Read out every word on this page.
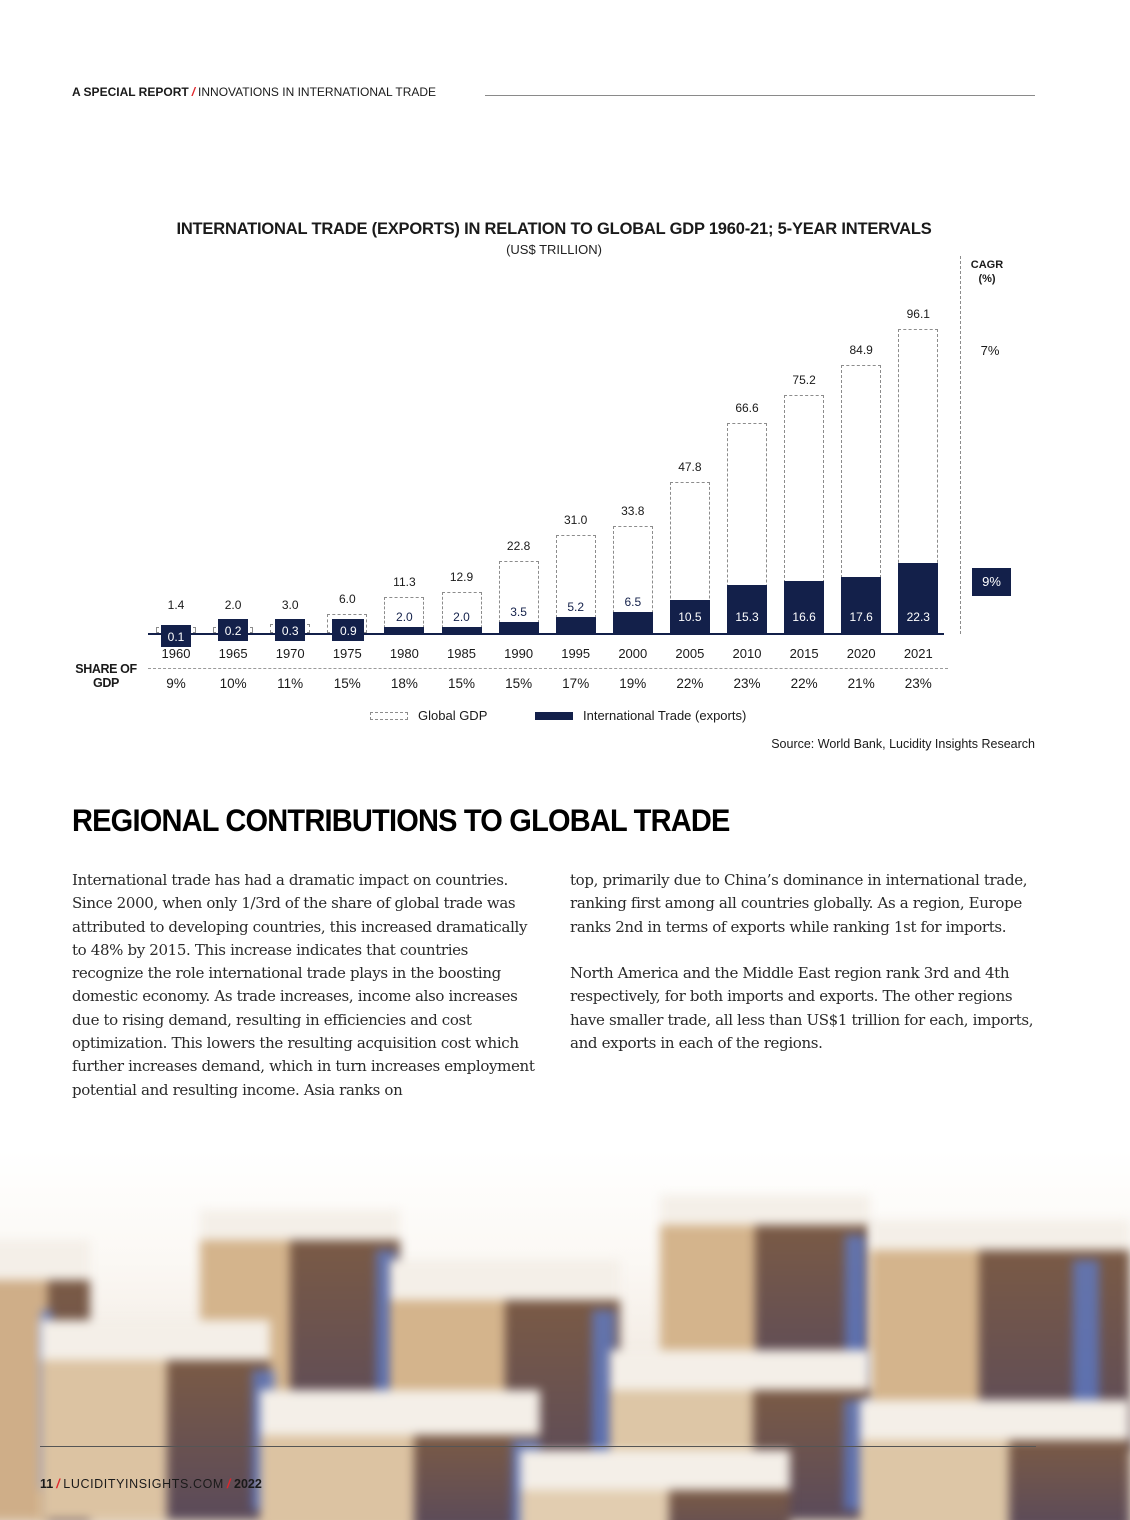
A SPECIAL REPORT / INNOVATIONS IN INTERNATIONAL TRADE
INTERNATIONAL TRADE (EXPORTS) IN RELATION TO GLOBAL GDP 1960-21; 5-YEAR INTERVALS
(US$ TRILLION)
SHARE OF GDP
CAGR
(%)
7%
9%
1.4
0.1
1960
9%
2.0
0.2
1965
10%
3.0
0.3
1970
11%
6.0
0.9
1975
15%
11.3
2.0
1980
18%
12.9
2.0
1985
15%
22.8
3.5
1990
15%
31.0
5.2
1995
17%
33.8
6.5
2000
19%
47.8
10.5
2005
22%
66.6
15.3
2010
23%
75.2
16.6
2015
22%
84.9
17.6
2020
21%
96.1
22.3
2021
23%
Global GDP	International Trade (exports)
Source: World Bank, Lucidity Insights Research
REGIONAL CONTRIBUTIONS TO GLOBAL TRADE

International trade has had a dramatic impact on countries. Since 2000, when only 1/3rd of the share of global trade was attributed to developing countries, this increased dramatically to 48% by 2015. This increase indicates that countries recognize the role international trade plays in the boosting domestic economy. As trade increases, income also increases due to rising demand, resulting in efficiencies and cost optimization. This lowers the resulting acquisition cost which further increases demand, which in turn increases employment potential and resulting income. Asia ranks on

top, primarily due to China’s dominance in international trade, ranking first among all countries globally. As a region, Europe ranks 2nd in terms of exports while ranking 1st for imports.

North America and the Middle East region rank 3rd and 4th respectively, for both imports and exports. The other regions have smaller trade, all less than US$1 trillion for each, imports, and exports in each of the regions.

11 / LUCIDITYINSIGHTS.COM / 2022
